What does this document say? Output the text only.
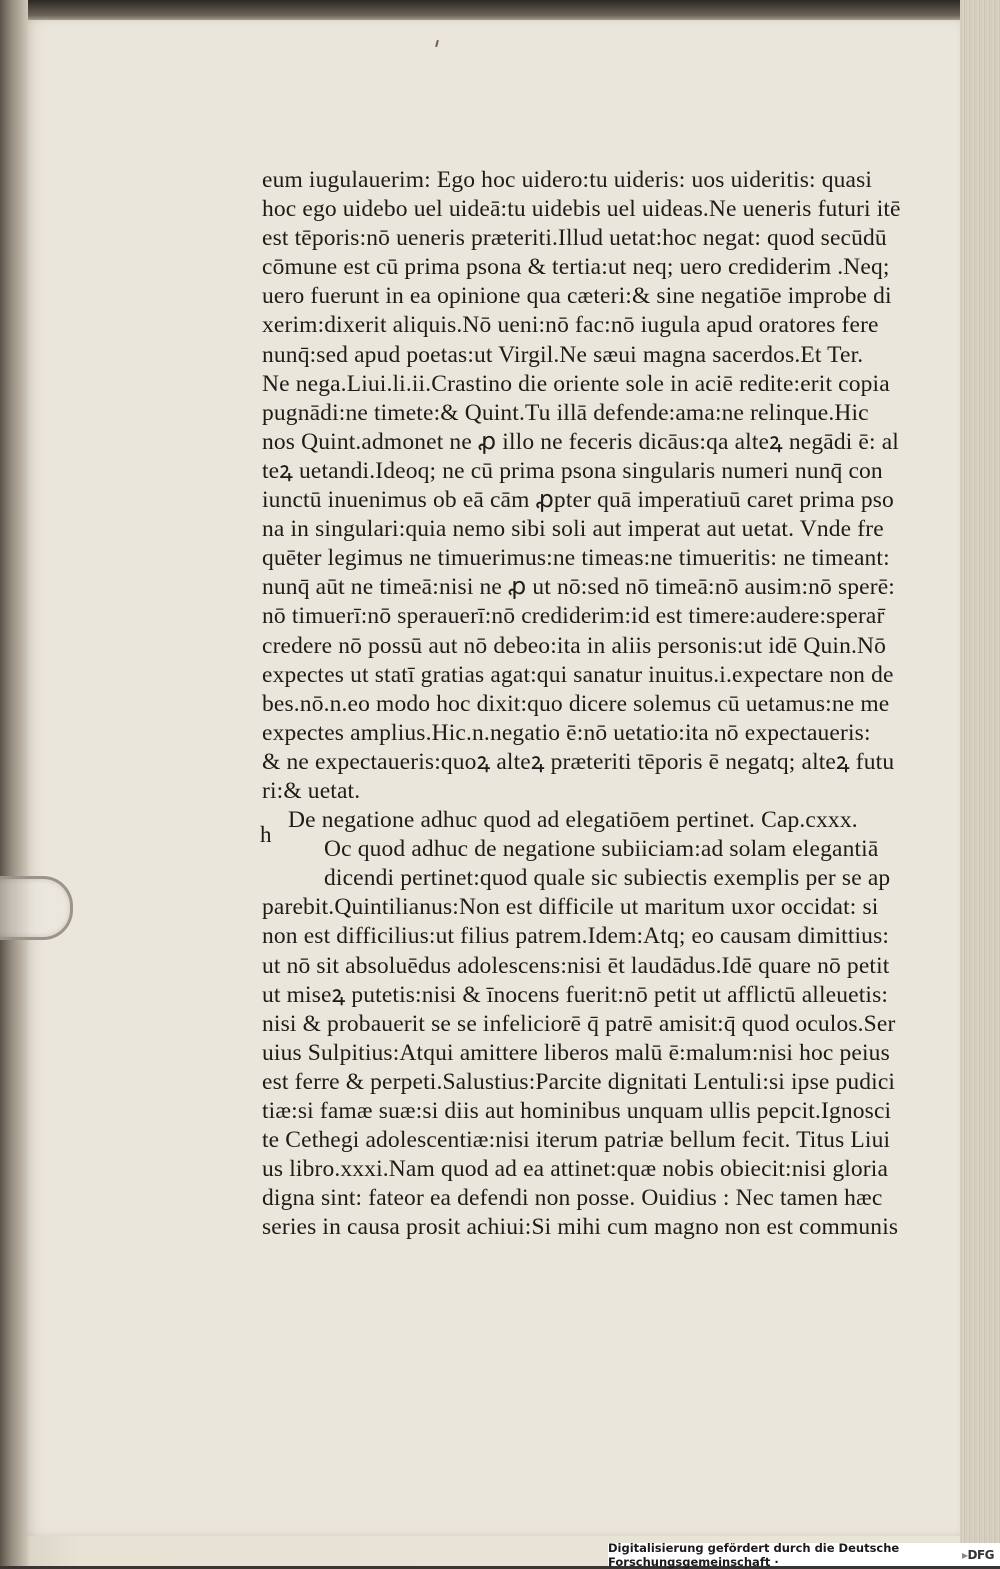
eum iugulauerim: Ego hoc uidero:tu uideris: uos uideritis: quasi
hoc ego uidebo uel uideā:tu uidebis uel uideas.Ne ueneris futuri itē
est tēporis:nō ueneris præteriti.Illud uetat:hoc negat: quod secūdū
cōmune est cū prima psona & tertia:ut neq; uero crediderim .Neq;
uero fuerunt in ea opinione qua cæteri:& sine negatiōe improbe di
xerim:dixerit aliquis.Nō ueni:nō fac:nō iugula apud oratores fere
nunq̄:sed apud poetas:ut Virgil.Ne sæui magna sacerdos.Et Ter.
Ne nega.Liui.li.ii.Crastino die oriente sole in aciē redite:erit copia
pugnādi:ne timete:& Quint.Tu illā defende:ama:ne relinque.Hic
nos Quint.admonet ne ꝓ illo ne feceris dicāus:qa alteꝝ negādi ē: al
teꝝ uetandi.Ideoq; ne cū prima psona singularis numeri nunq̄ con
iunctū inuenimus ob eā cām ꝓpter quā imperatiuū caret prima pso
na in singulari:quia nemo sibi soli aut imperat aut uetat. Vnde fre
quēter legimus ne timuerimus:ne timeas:ne timueritis: ne timeant:
nunq̄ aūt ne timeā:nisi ne ꝓ ut nō:sed nō timeā:nō ausim:nō sperē:
nō timuerī:nō sperauerī:nō crediderim:id est timere:audere:sperar̄
credere nō possū aut nō debeo:ita in aliis personis:ut idē Quin.Nō
expectes ut statī gratias agat:qui sanatur inuitus.i.expectare non de
bes.nō.n.eo modo hoc dixit:quo dicere solemus cū uetamus:ne me
expectes amplius.Hic.n.negatio ē:nō uetatio:ita nō expectaueris:
& ne expectaueris:quoꝝ alteꝝ præteriti tēporis ē negatq; alteꝝ futu
ri:& uetat.
De negatione adhuc quod ad elegatiōem pertinet. Cap.cxxx.
h
Oc quod adhuc de negatione subiiciam:ad solam elegantiā
dicendi pertinet:quod quale sic subiectis exemplis per se ap
parebit.Quintilianus:Non est difficile ut maritum uxor occidat: si
non est difficilius:ut filius patrem.Idem:Atq; eo causam dimittius:
ut nō sit absoluēdus adolescens:nisi ēt laudādus.Idē quare nō petit
ut miseꝝ putetis:nisi & īnocens fuerit:nō petit ut afflictū alleuetis:
nisi & probauerit se se infeliciorē q̄ patrē amisit:q̄ quod oculos.Ser
uius Sulpitius:Atqui amittere liberos malū ē:malum:nisi hoc peius
est ferre & perpeti.Salustius:Parcite dignitati Lentuli:si ipse pudici
tiæ:si famæ suæ:si diis aut hominibus unquam ullis pepcit.Ignosci
te Cethegi adolescentiæ:nisi iterum patriæ bellum fecit. Titus Liui
us libro.xxxi.Nam quod ad ea attinet:quæ nobis obiecit:nisi gloria
digna sint: fateor ea defendi non posse. Ouidius : Nec tamen hæc
series in causa prosit achiui:Si mihi cum magno non est communis
Digitalisierung gefördert durch die Deutsche Forschungsgemeinschaft ·	▸DFG
